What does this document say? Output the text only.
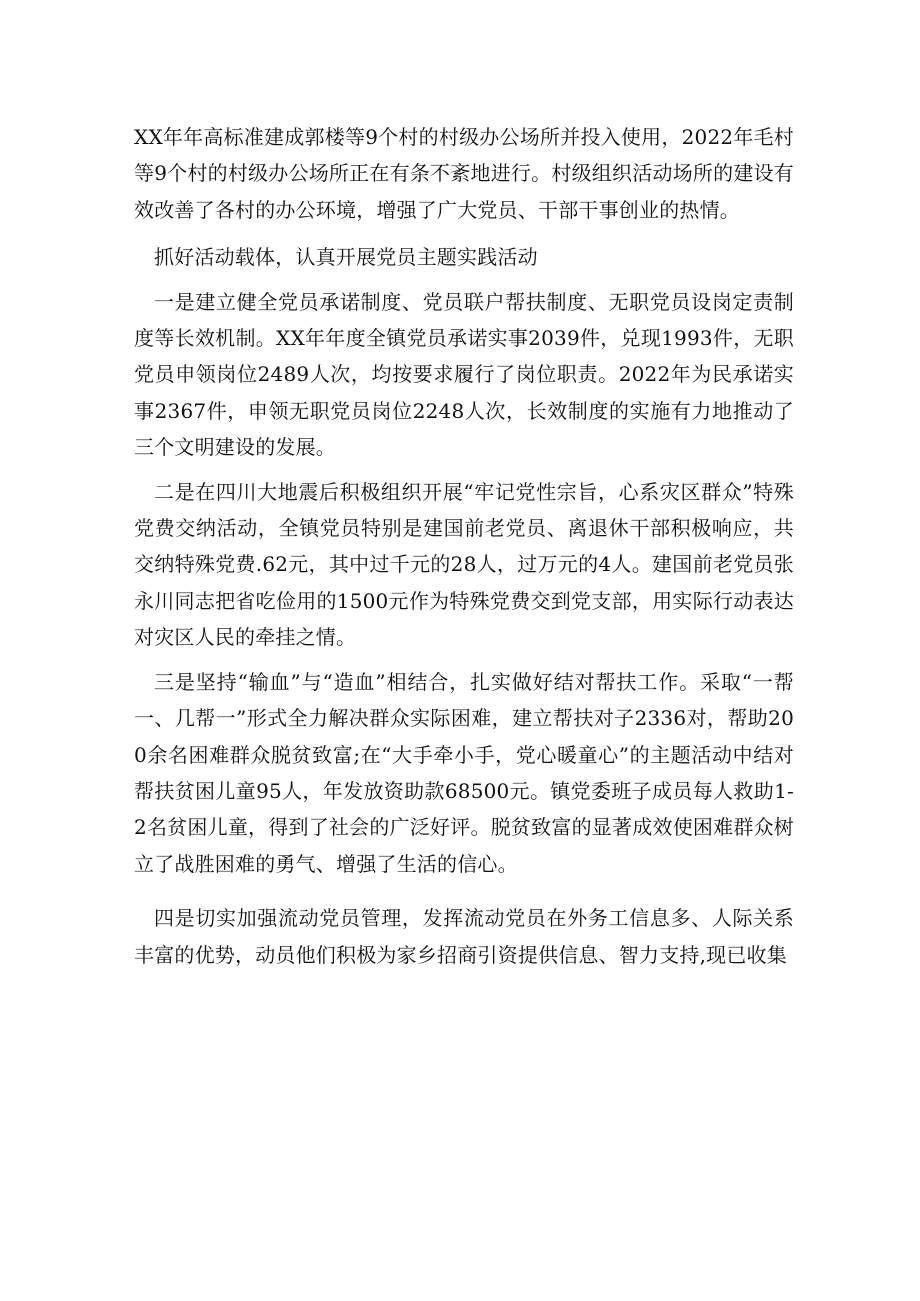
XX年年高标准建成郭楼等9个村的村级办公场所并投入使用，2022年毛村等9个村的村级办公场所正在有条不紊地进行。村级组织活动场所的建设有效改善了各村的办公环境，增强了广大党员、干部干事创业的热情。

抓好活动载体，认真开展党员主题实践活动

一是建立健全党员承诺制度、党员联户帮扶制度、无职党员设岗定责制度等长效机制。XX年年度全镇党员承诺实事2039件，兑现1993件，无职党员申领岗位2489人次，均按要求履行了岗位职责。2022年为民承诺实事2367件，申领无职党员岗位2248人次，长效制度的实施有力地推动了三个文明建设的发展。

二是在四川大地震后积极组织开展“牢记党性宗旨，心系灾区群众”特殊党费交纳活动，全镇党员特别是建国前老党员、离退休干部积极响应，共交纳特殊党费.62元，其中过千元的28人，过万元的4人。建国前老党员张永川同志把省吃俭用的1500元作为特殊党费交到党支部，用实际行动表达对灾区人民的牵挂之情。

三是坚持“输血”与“造血”相结合，扎实做好结对帮扶工作。采取“一帮一、几帮一”形式全力解决群众实际困难，建立帮扶对子2336对，帮助200余名困难群众脱贫致富;在“大手牵小手，党心暖童心”的主题活动中结对帮扶贫困儿童95人，年发放资助款68500元。镇党委班子成员每人救助1-2名贫困儿童，得到了社会的广泛好评。脱贫致富的显著成效使困难群众树立了战胜困难的勇气、增强了生活的信心。

四是切实加强流动党员管理，发挥流动党员在外务工信息多、人际关系丰富的优势，动员他们积极为家乡招商引资提供信息、智力支持,现已收集
